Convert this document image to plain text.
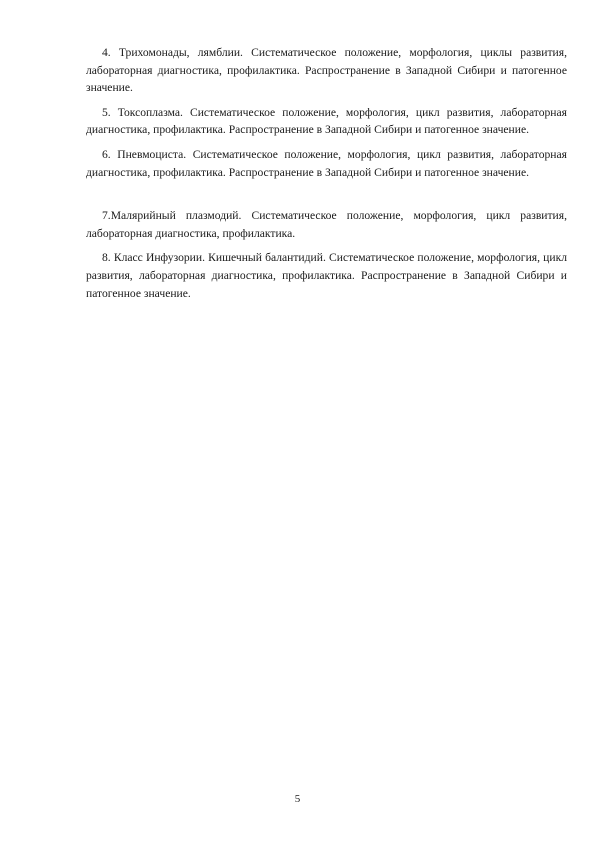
4. Трихомонады, лямблии. Систематическое положение, морфология, циклы развития, лабораторная диагностика, профилактика. Распространение в Западной Сибири и патогенное значение.

5. Токсоплазма. Систематическое положение, морфология, цикл развития, лабораторная диагностика, профилактика. Распространение в Западной Сибири и патогенное значение.

6. Пневмоциста. Систематическое положение, морфология, цикл развития, лабораторная диагностика, профилактика. Распространение в Западной Сибири и патогенное значение.

7.Малярийный плазмодий. Систематическое положение, морфология, цикл развития, лабораторная диагностика, профилактика.

8. Класс Инфузории. Кишечный балантидий. Систематическое положение, морфология, цикл развития, лабораторная диагностика, профилактика. Распространение в Западной Сибири и патогенное значение.

5
